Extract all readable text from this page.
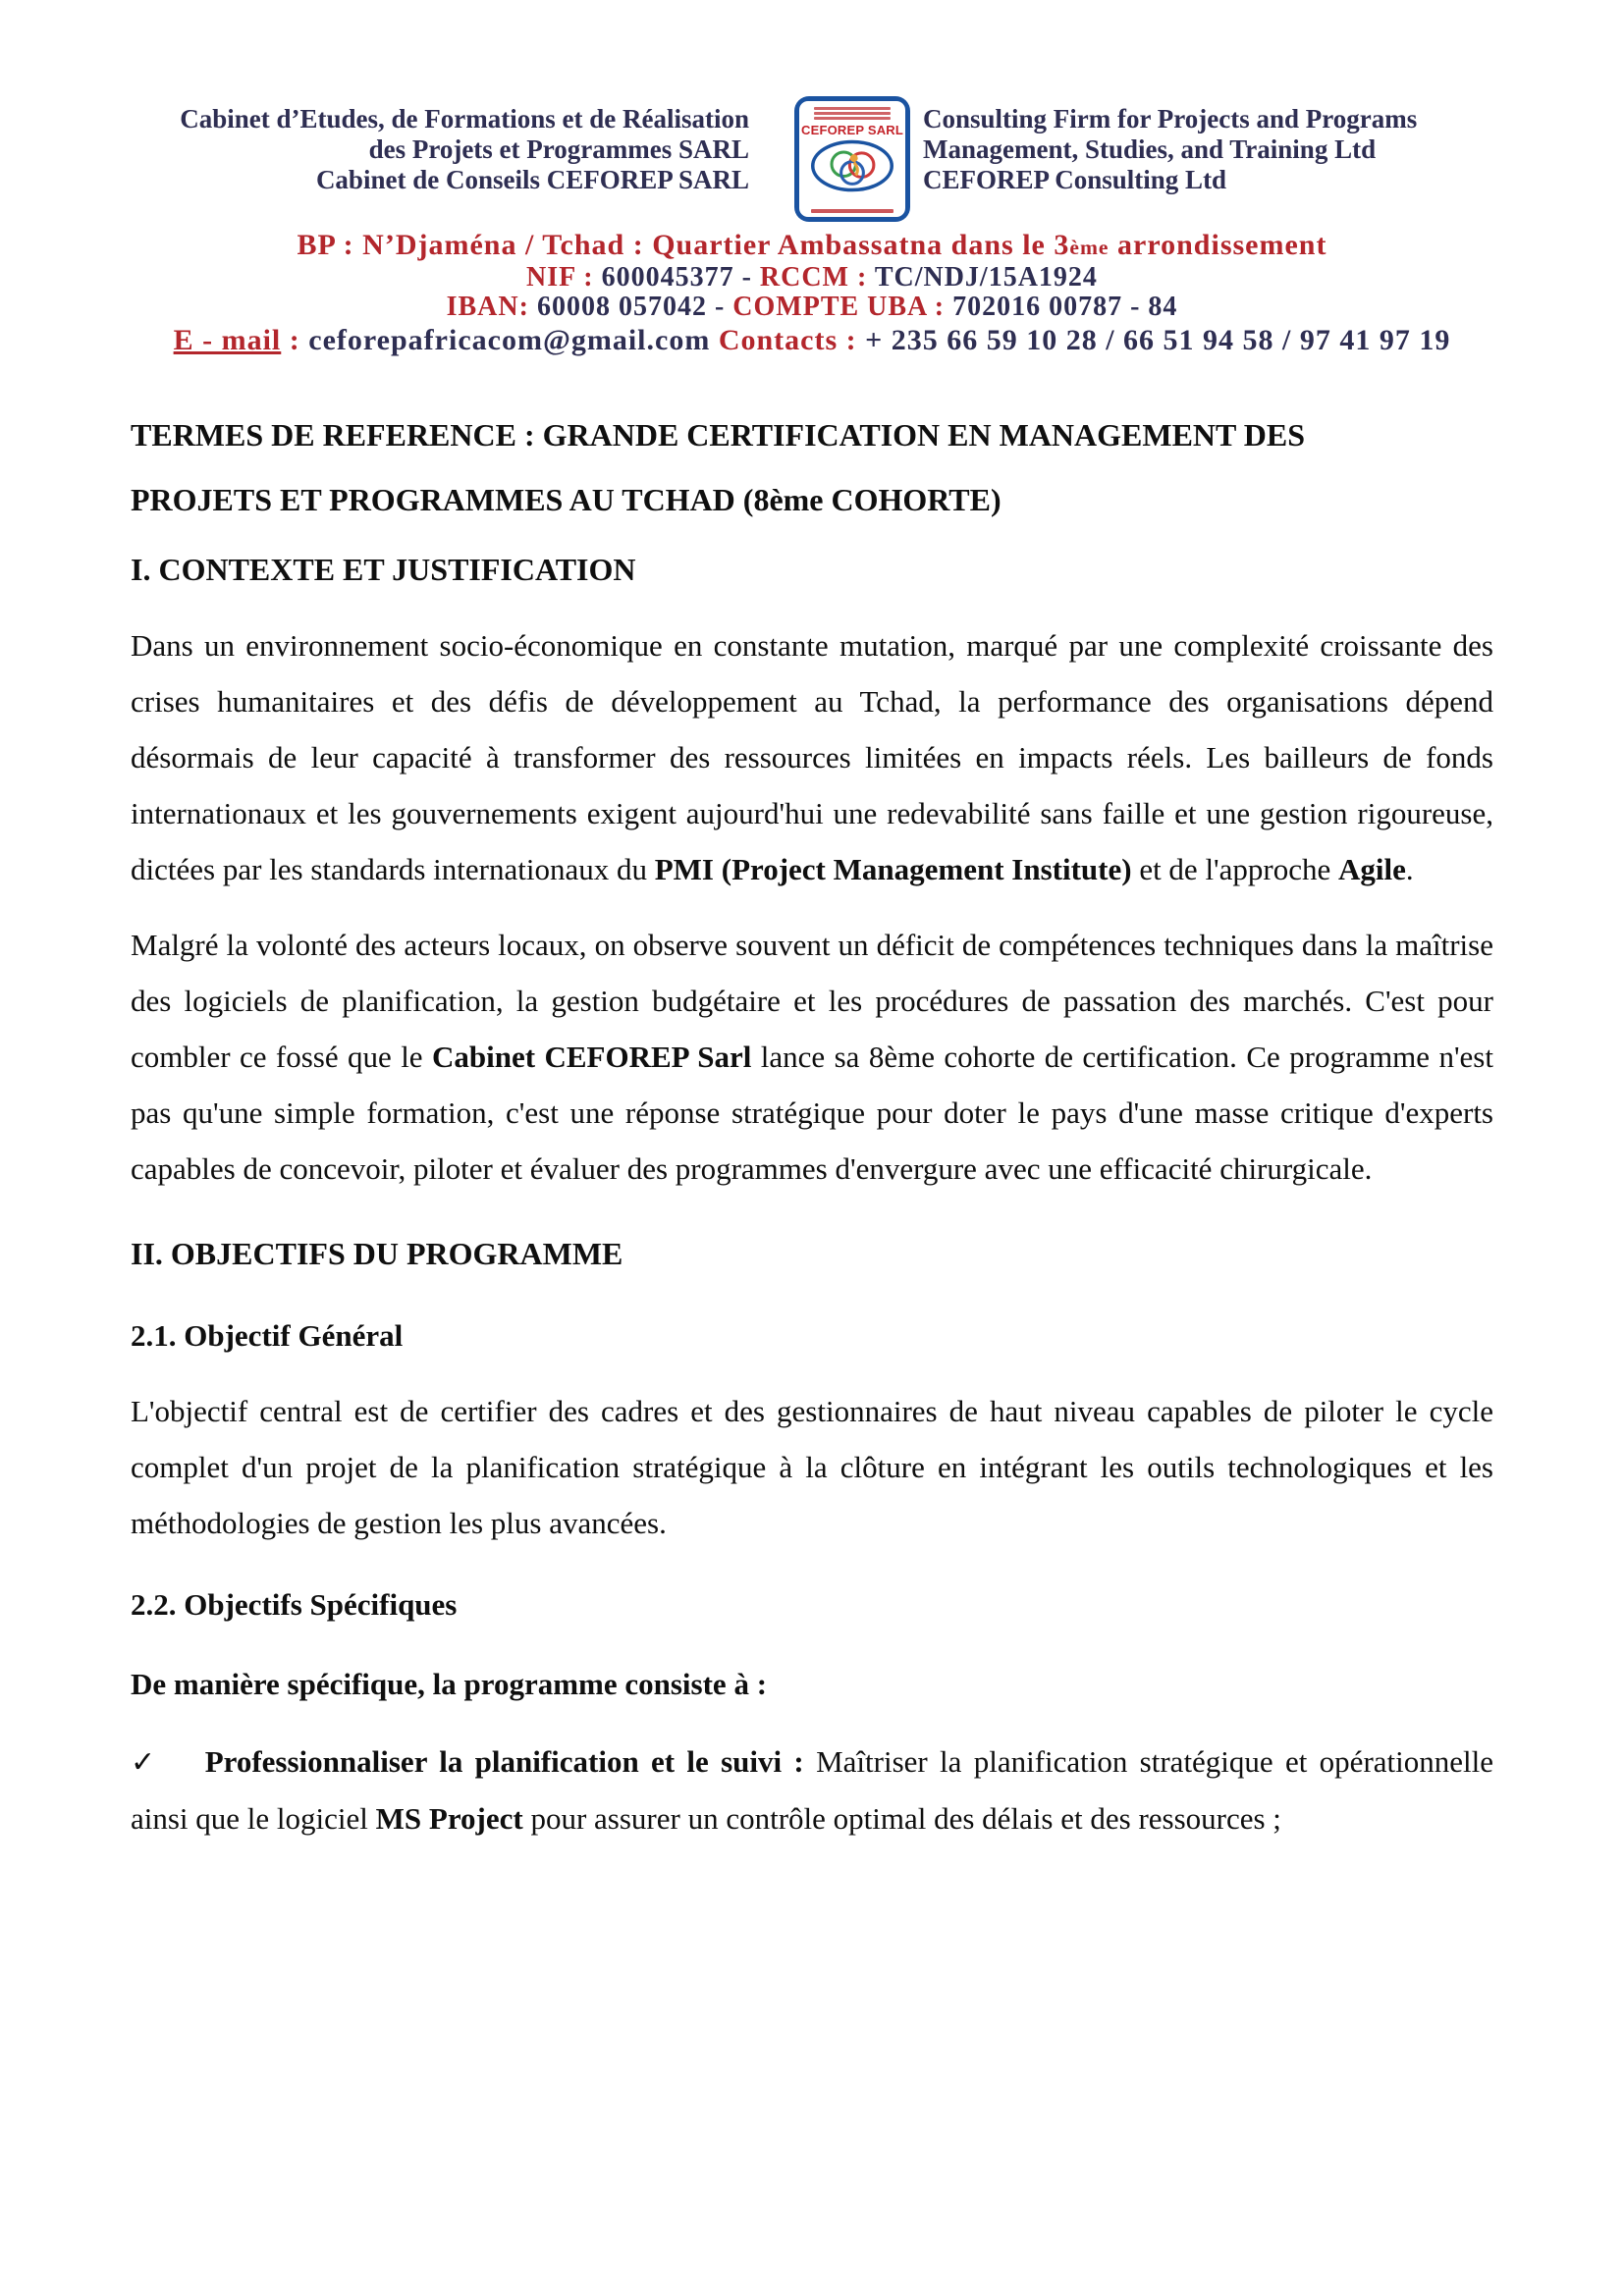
Cabinet d’Etudes, de Formations et de Réalisation
des Projets et Programmes SARL
Cabinet de Conseils CEFOREP SARL
CEFOREP SARL Consulting Firm for Projects and Programs
Management, Studies, and Training Ltd
CEFOREP Consulting Ltd
BP : N’Djaména / Tchad : Quartier Ambassatna dans le 3ème arrondissement
NIF : 600045377 - RCCM : TC/NDJ/15A1924
IBAN: 60008 057042 - COMPTE UBA : 702016 00787 - 84
E - mail : ceforepafricacom@gmail.com Contacts : + 235 66 59 10 28 / 66 51 94 58 / 97 41 97 19
TERMES DE REFERENCE : GRANDE CERTIFICATION EN MANAGEMENT DES
PROJETS ET PROGRAMMES AU TCHAD (8ème COHORTE)
I. CONTEXTE ET JUSTIFICATION

Dans un environnement socio-économique en constante mutation, marqué par une complexité croissante des crises humanitaires et des défis de développement au Tchad, la performance des organisations dépend désormais de leur capacité à transformer des ressources limitées en impacts réels. Les bailleurs de fonds internationaux et les gouvernements exigent aujourd'hui une redevabilité sans faille et une gestion rigoureuse, dictées par les standards internationaux du PMI (Project Management Institute) et de l'approche Agile.

Malgré la volonté des acteurs locaux, on observe souvent un déficit de compétences techniques dans la maîtrise des logiciels de planification, la gestion budgétaire et les procédures de passation des marchés. C'est pour combler ce fossé que le Cabinet CEFOREP Sarl lance sa 8ème cohorte de certification. Ce programme n'est pas qu'une simple formation, c'est une réponse stratégique pour doter le pays d'une masse critique d'experts capables de concevoir, piloter et évaluer des programmes d'envergure avec une efficacité chirurgicale.

II. OBJECTIFS DU PROGRAMME
2.1. Objectif Général

L'objectif central est de certifier des cadres et des gestionnaires de haut niveau capables de piloter le cycle complet d'un projet de la planification stratégique à la clôture en intégrant les outils technologiques et les méthodologies de gestion les plus avancées.

2.2. Objectifs Spécifiques

De manière spécifique, la programme consiste à :

✓ Professionnaliser la planification et le suivi : Maîtriser la planification stratégique et opérationnelle ainsi que le logiciel MS Project pour assurer un contrôle optimal des délais et des ressources ;
